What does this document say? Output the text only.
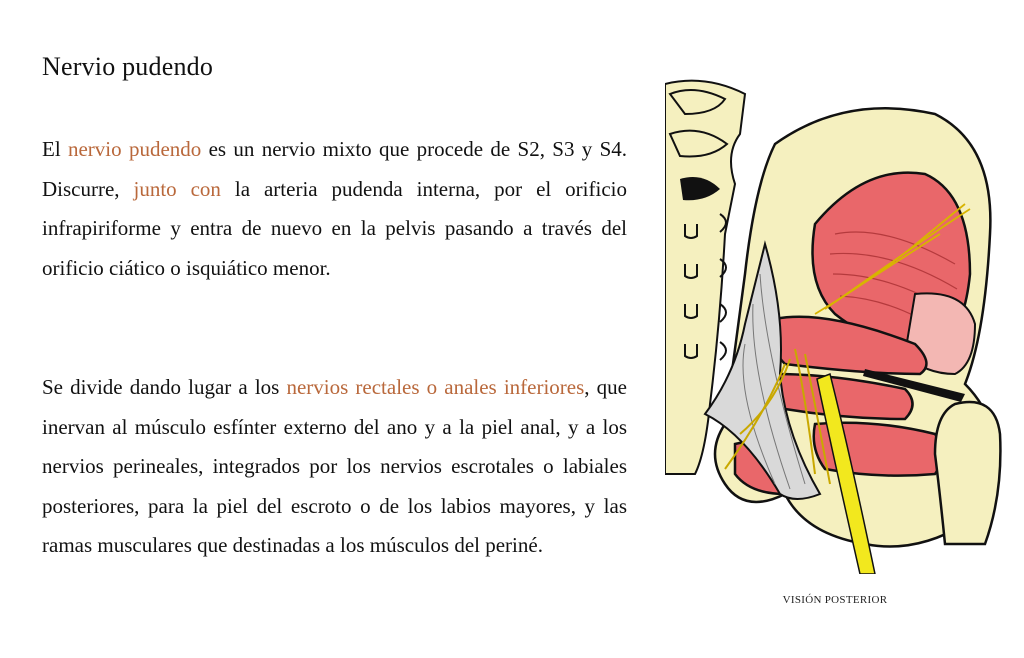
Nervio pudendo

El nervio pudendo es un nervio mixto que procede de S2, S3 y S4. Discurre, junto con la arteria pudenda interna, por el orificio infrapiriforme y entra de nuevo en la pelvis pasando a través del orificio ciático o isquiático menor.

Se divide dando lugar a los nervios rectales o anales inferiores, que inervan al músculo esfínter externo del ano y a la piel anal, y a los nervios perineales, integrados por los nervios escrotales o labiales posteriores, para la piel del escroto o de los labios mayores, y las ramas musculares que destinadas a los músculos del periné.

VISIÓN POSTERIOR
